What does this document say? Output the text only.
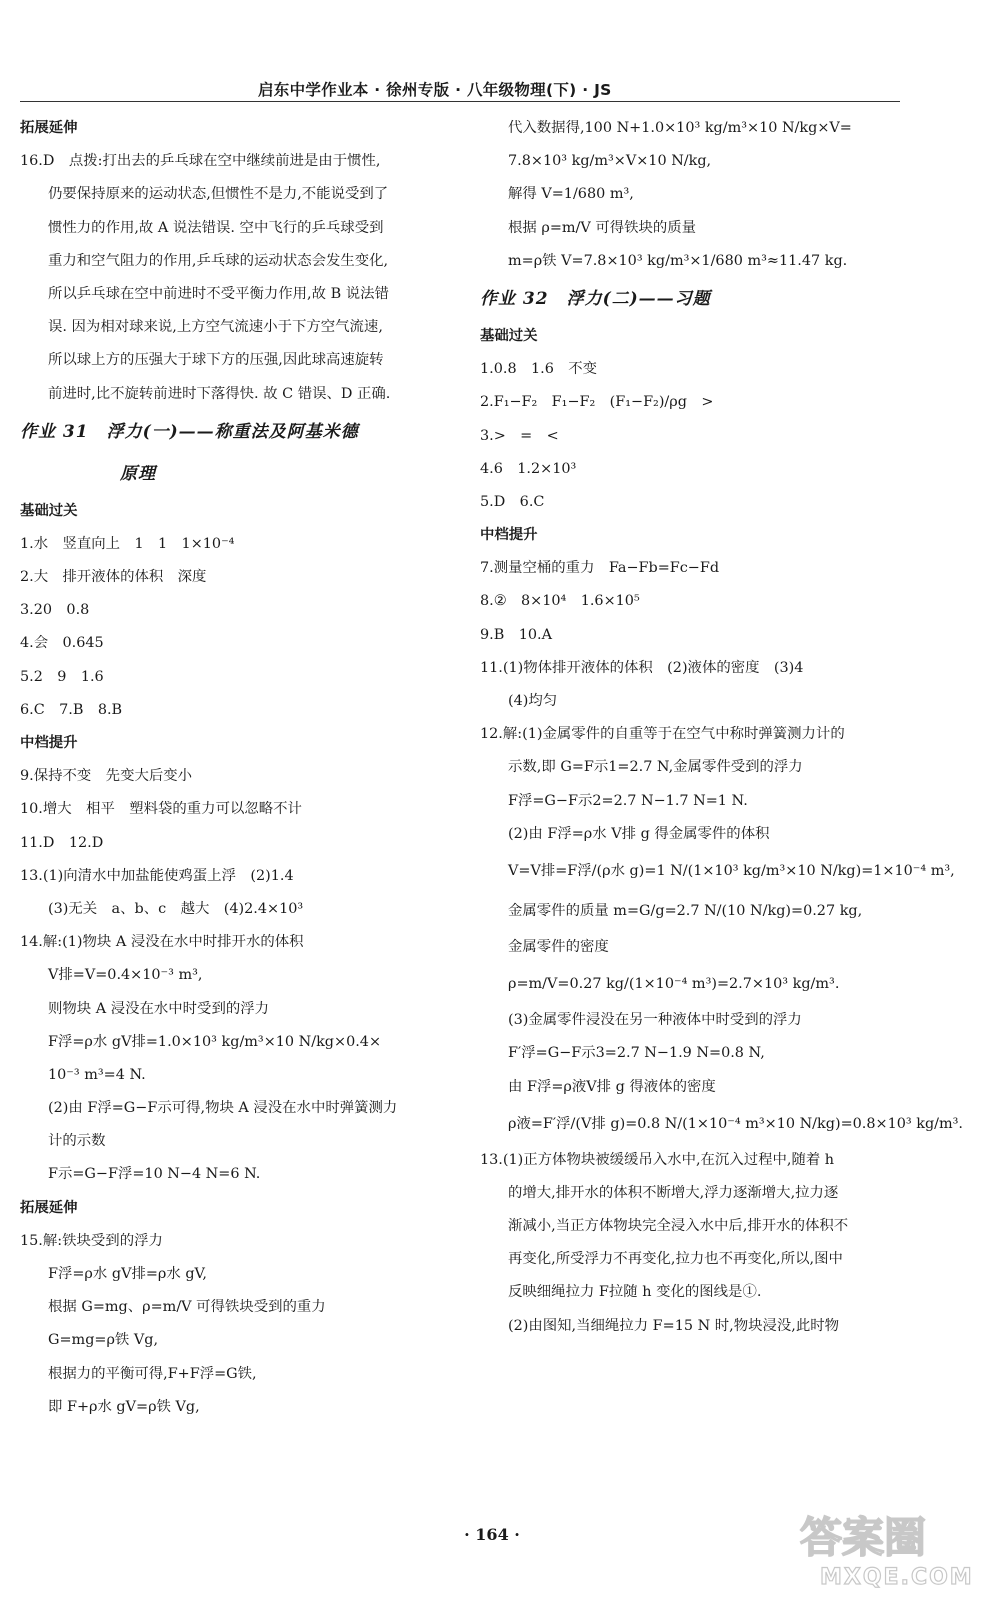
启东中学作业本 · 徐州专版 · 八年级物理(下) · JS
拓展延伸
16.D　点拨:打出去的乒乓球在空中继续前进是由于惯性,
仍要保持原来的运动状态,但惯性不是力,不能说受到了
惯性力的作用,故 A 说法错误. 空中飞行的乒乓球受到
重力和空气阻力的作用,乒乓球的运动状态会发生变化,
所以乒乓球在空中前进时不受平衡力作用,故 B 说法错
误. 因为相对球来说,上方空气流速小于下方空气流速,
所以球上方的压强大于球下方的压强,因此球高速旋转
前进时,比不旋转前进时下落得快. 故 C 错误、D 正确.
作业 31　浮力(一)——称重法及阿基米德
原理
基础过关
1.水　竖直向上　1　1　1×10⁻⁴
2.大　排开液体的体积　深度
3.20　0.8
4.会　0.645
5.2　9　1.6
6.C　7.B　8.B
中档提升
9.保持不变　先变大后变小
10.增大　相平　塑料袋的重力可以忽略不计
11.D　12.D
13.(1)向清水中加盐能使鸡蛋上浮　(2)1.4
(3)无关　a、b、c　越大　(4)2.4×10³
14.解:(1)物块 A 浸没在水中时排开水的体积
V排=V=0.4×10⁻³ m³,
则物块 A 浸没在水中时受到的浮力
F浮=ρ水 gV排=1.0×10³ kg/m³×10 N/kg×0.4×
10⁻³ m³=4 N.
(2)由 F浮=G−F示可得,物块 A 浸没在水中时弹簧测力
计的示数
F示=G−F浮=10 N−4 N=6 N.
拓展延伸
15.解:铁块受到的浮力
F浮=ρ水 gV排=ρ水 gV,
根据 G=mg、ρ=m/V 可得铁块受到的重力
G=mg=ρ铁 Vg,
根据力的平衡可得,F+F浮=G铁,
即 F+ρ水 gV=ρ铁 Vg,
代入数据得,100 N+1.0×10³ kg/m³×10 N/kg×V=
7.8×10³ kg/m³×V×10 N/kg,
解得 V=1/680 m³,
根据 ρ=m/V 可得铁块的质量
m=ρ铁 V=7.8×10³ kg/m³×1/680 m³≈11.47 kg.
作业 32　浮力(二)——习题
基础过关
1.0.8　1.6　不变
2.F₁−F₂　F₁−F₂　(F₁−F₂)/ρg　>
3.>　=　<
4.6　1.2×10³
5.D　6.C
中档提升
7.测量空桶的重力　Fa−Fb=Fc−Fd
8.②　8×10⁴　1.6×10⁵
9.B　10.A
11.(1)物体排开液体的体积　(2)液体的密度　(3)4
(4)均匀
12.解:(1)金属零件的自重等于在空气中称时弹簧测力计的
示数,即 G=F示1=2.7 N,金属零件受到的浮力
F浮=G−F示2=2.7 N−1.7 N=1 N.
(2)由 F浮=ρ水 V排 g 得金属零件的体积
V=V排=F浮/(ρ水 g)=1 N/(1×10³ kg/m³×10 N/kg)=1×10⁻⁴ m³,
金属零件的质量 m=G/g=2.7 N/(10 N/kg)=0.27 kg,
金属零件的密度
ρ=m/V=0.27 kg/(1×10⁻⁴ m³)=2.7×10³ kg/m³.
(3)金属零件浸没在另一种液体中时受到的浮力
F′浮=G−F示3=2.7 N−1.9 N=0.8 N,
由 F浮=ρ液V排 g 得液体的密度
ρ液=F′浮/(V排 g)=0.8 N/(1×10⁻⁴ m³×10 N/kg)=0.8×10³ kg/m³.
13.(1)正方体物块被缓缓吊入水中,在沉入过程中,随着 h
的增大,排开水的体积不断增大,浮力逐渐增大,拉力逐
渐减小,当正方体物块完全浸入水中后,排开水的体积不
再变化,所受浮力不再变化,拉力也不再变化,所以,图中
反映细绳拉力 F拉随 h 变化的图线是①.
(2)由图知,当细绳拉力 F=15 N 时,物块浸没,此时物
· 164 ·	答案圈
MXQE.COM
